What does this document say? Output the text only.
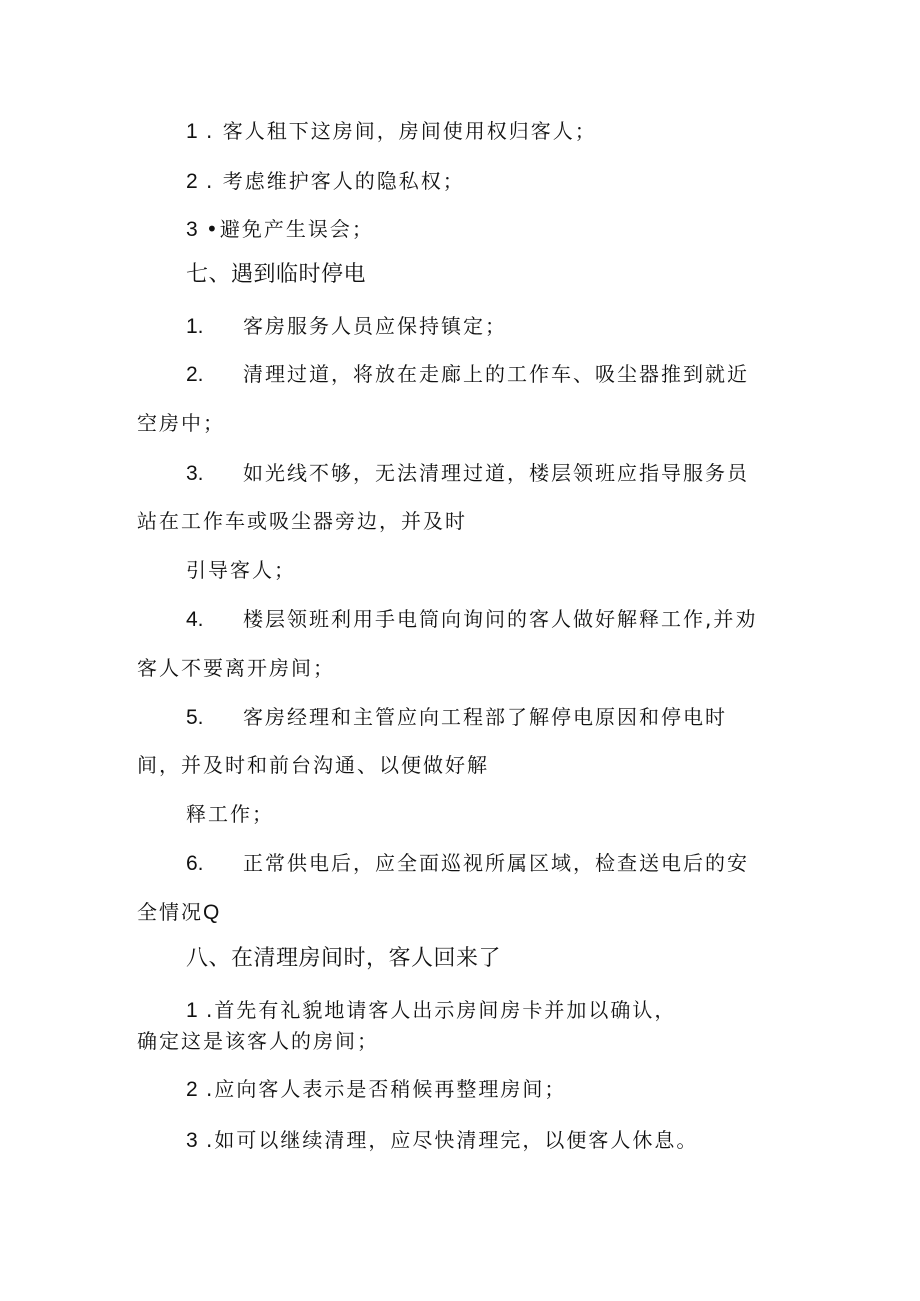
1 . 客人租下这房间，房间使用权归客人；
2 . 考虑维护客人的隐私权；
3 •避免产生误会；
七、遇到临时停电
1. 客房服务人员应保持镇定；
2. 清理过道，将放在走廊上的工作车、吸尘器推到就近
空房中；
3. 如光线不够，无法清理过道，楼层领班应指导服务员
站在工作车或吸尘器旁边，并及时
引导客人；
4. 楼层领班利用手电筒向询问的客人做好解释工作,并劝
客人不要离开房间；
5. 客房经理和主管应向工程部了解停电原因和停电时
间，并及时和前台沟通、以便做好解
释工作；
6. 正常供电后，应全面巡视所属区域，检查送电后的安
全情况Q
八、在清理房间时，客人回来了
1 .首先有礼貌地请客人出示房间房卡并加以确认，
确定这是该客人的房间；
2 .应向客人表示是否稍候再整理房间；
3 .如可以继续清理，应尽快清理完，以便客人休息。
